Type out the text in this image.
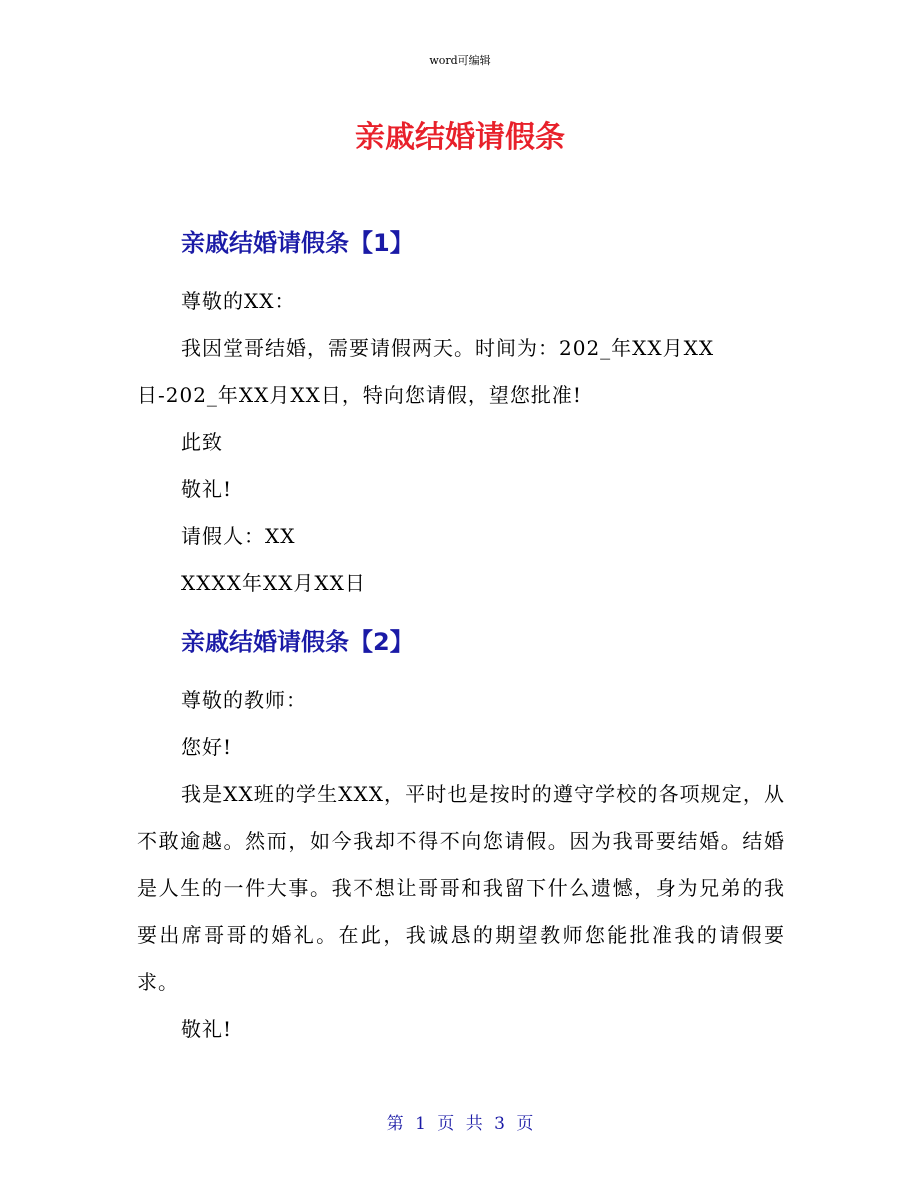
word可编辑
亲戚结婚请假条
亲戚结婚请假条【1】

尊敬的XX：

我因堂哥结婚，需要请假两天。时间为：202_年XX月XX日-202_年XX月XX日，特向您请假，望您批准!

此致

敬礼!

请假人：XX

XXXX年XX月XX日

亲戚结婚请假条【2】

尊敬的教师：

您好!

我是XX班的学生XXX，平时也是按时的遵守学校的各项规定，从不敢逾越。然而，如今我却不得不向您请假。因为我哥要结婚。结婚是人生的一件大事。我不想让哥哥和我留下什么遗憾，身为兄弟的我要出席哥哥的婚礼。在此，我诚恳的期望教师您能批准我的请假要求。

敬礼!

第 1 页 共 3 页
